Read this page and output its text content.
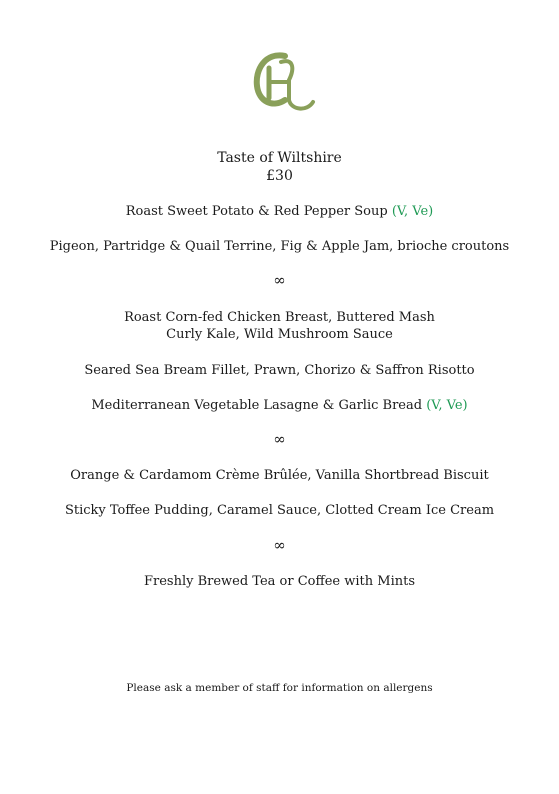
Taste of Wiltshire
£30
Roast Sweet Potato & Red Pepper Soup (V, Ve)
Pigeon, Partridge & Quail Terrine, Fig & Apple Jam, brioche croutons
∞
Roast Corn-fed Chicken Breast, Buttered Mash
Curly Kale, Wild Mushroom Sauce
Seared Sea Bream Fillet, Prawn, Chorizo & Saffron Risotto
Mediterranean Vegetable Lasagne & Garlic Bread (V, Ve)
∞
Orange & Cardamom Crème Brûlée, Vanilla Shortbread Biscuit
Sticky Toffee Pudding, Caramel Sauce, Clotted Cream Ice Cream
∞
Freshly Brewed Tea or Coffee with Mints
Please ask a member of staff for information on allergens
